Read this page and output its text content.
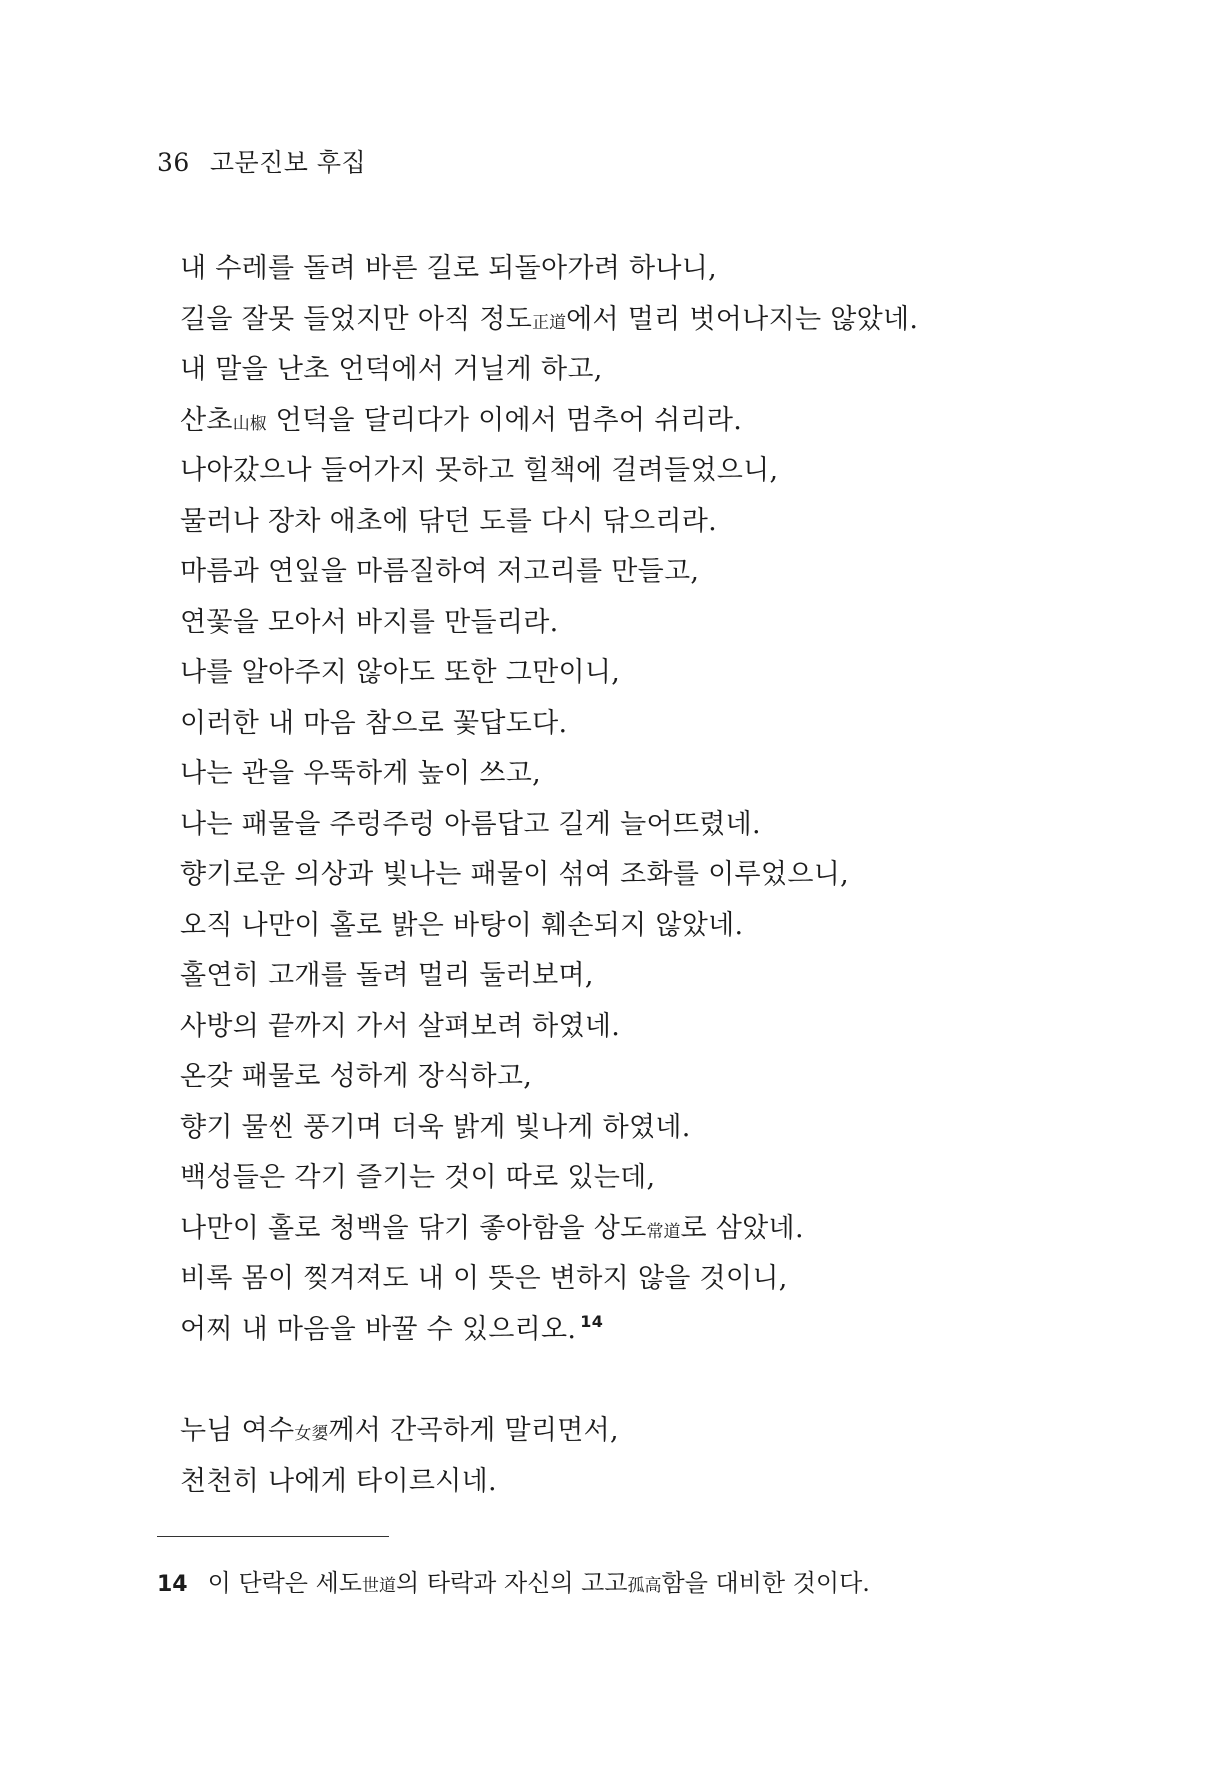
36 고문진보 후집
내 수레를 돌려 바른 길로 되돌아가려 하나니,
길을 잘못 들었지만 아직 정도正道에서 멀리 벗어나지는 않았네.
내 말을 난초 언덕에서 거닐게 하고,
산초山椒 언덕을 달리다가 이에서 멈추어 쉬리라.
나아갔으나 들어가지 못하고 힐책에 걸려들었으니,
물러나 장차 애초에 닦던 도를 다시 닦으리라.
마름과 연잎을 마름질하여 저고리를 만들고,
연꽃을 모아서 바지를 만들리라.
나를 알아주지 않아도 또한 그만이니,
이러한 내 마음 참으로 꽃답도다.
나는 관을 우뚝하게 높이 쓰고,
나는 패물을 주렁주렁 아름답고 길게 늘어뜨렸네.
향기로운 의상과 빛나는 패물이 섞여 조화를 이루었으니,
오직 나만이 홀로 밝은 바탕이 훼손되지 않았네.
홀연히 고개를 돌려 멀리 둘러보며,
사방의 끝까지 가서 살펴보려 하였네.
온갖 패물로 성하게 장식하고,
향기 물씬 풍기며 더욱 밝게 빛나게 하였네.
백성들은 각기 즐기는 것이 따로 있는데,
나만이 홀로 청백을 닦기 좋아함을 상도常道로 삼았네.
비록 몸이 찢겨져도 내 이 뜻은 변하지 않을 것이니,
어찌 내 마음을 바꿀 수 있으리오. $^{14}$
누님 여수女嬃께서 간곡하게 말리면서,
천천히 나에게 타이르시네.
14 이 단락은 세도世道의 타락과 자신의 고고孤高함을 대비한 것이다.
